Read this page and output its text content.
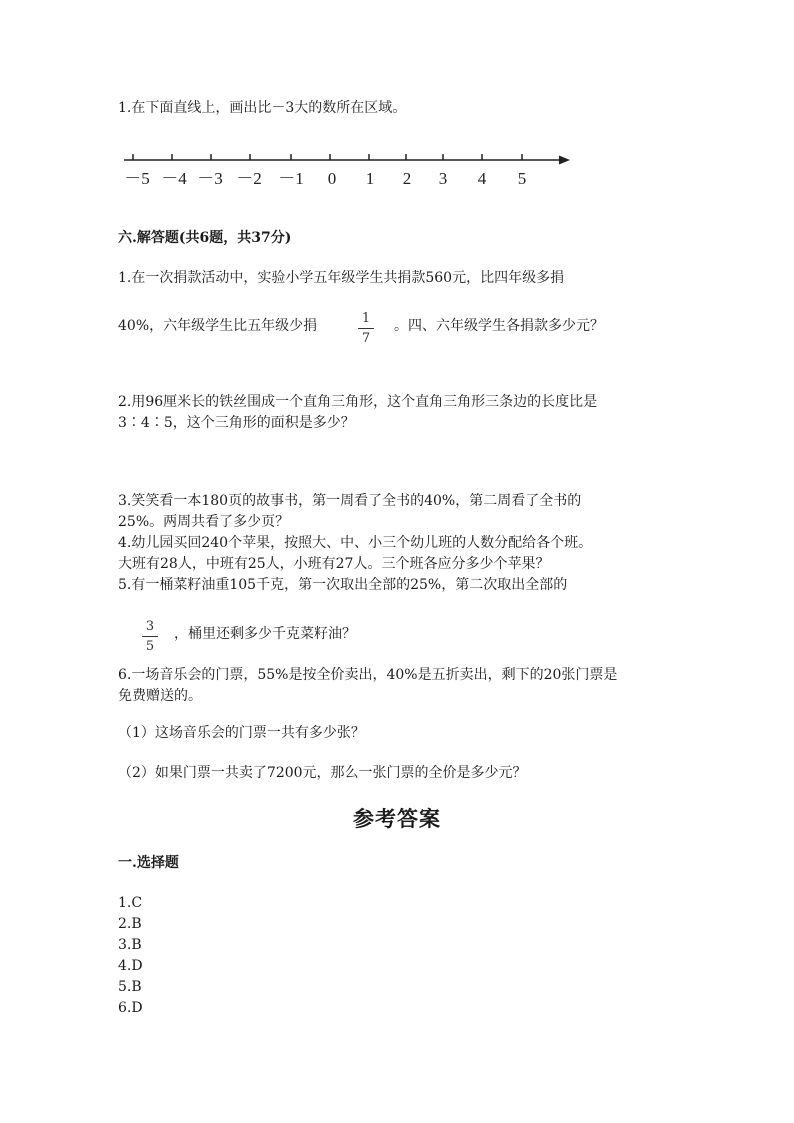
1.在下面直线上，画出比－3大的数所在区域。
－5 －4 －3 －2 －1 0 1 2 3 4 5
六.解答题(共6题，共37分)
1.在一次捐款活动中，实验小学五年级学生共捐款560元，比四年级多捐
40%，六年级学生比五年级少捐	1
7
。四、六年级学生各捐款多少元？
2.用96厘米长的铁丝围成一个直角三角形，这个直角三角形三条边的长度比是
3∶4∶5，这个三角形的面积是多少？
3.笑笑看一本180页的故事书，第一周看了全书的40%，第二周看了全书的
25%。两周共看了多少页？
4.幼儿园买回240个苹果，按照大、中、小三个幼儿班的人数分配给各个班。
大班有28人，中班有25人，小班有27人。三个班各应分多少个苹果？
5.有一桶菜籽油重105千克，第一次取出全部的25%，第二次取出全部的
3
5
，桶里还剩多少千克菜籽油？
6.一场音乐会的门票，55%是按全价卖出，40%是五折卖出，剩下的20张门票是
免费赠送的。
（1）这场音乐会的门票一共有多少张？
（2）如果门票一共卖了7200元，那么一张门票的全价是多少元？
参考答案
一.选择题
1.C
2.B
3.B
4.D
5.B
6.D
